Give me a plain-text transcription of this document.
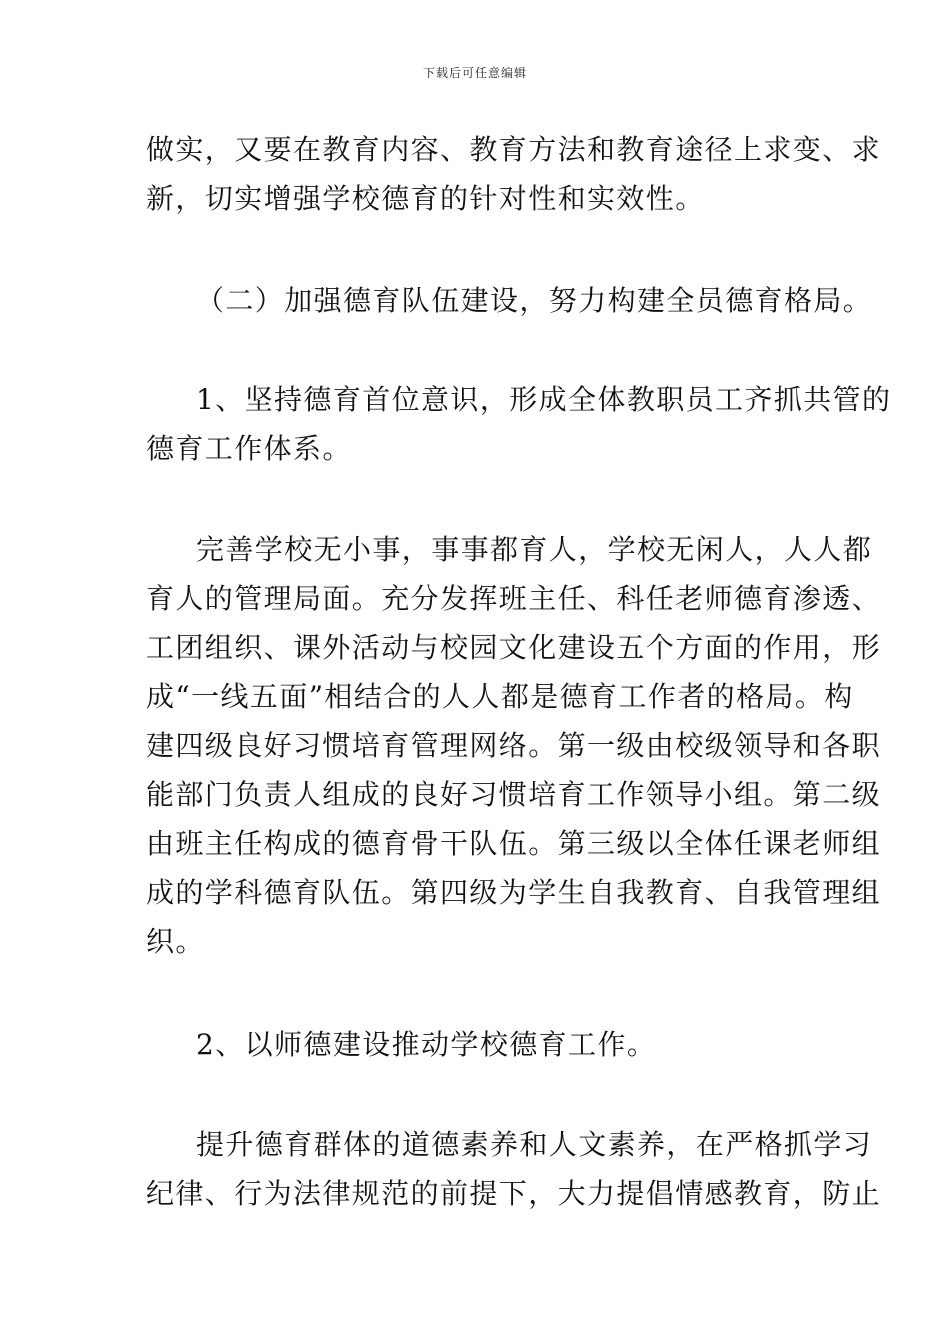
下载后可任意编辑
做实，又要在教育内容、教育方法和教育途径上求变、求
新，切实增强学校德育的针对性和实效性。
（二）加强德育队伍建设，努力构建全员德育格局。
1、坚持德育首位意识，形成全体教职员工齐抓共管的
德育工作体系。
完善学校无小事，事事都育人，学校无闲人，人人都
育人的管理局面。充分发挥班主任、科任老师德育渗透、
工团组织、课外活动与校园文化建设五个方面的作用，形
成“一线五面”相结合的人人都是德育工作者的格局。构
建四级良好习惯培育管理网络。第一级由校级领导和各职
能部门负责人组成的良好习惯培育工作领导小组。第二级
由班主任构成的德育骨干队伍。第三级以全体任课老师组
成的学科德育队伍。第四级为学生自我教育、自我管理组
织。
2、以师德建设推动学校德育工作。
提升德育群体的道德素养和人文素养，在严格抓学习
纪律、行为法律规范的前提下，大力提倡情感教育，防止
